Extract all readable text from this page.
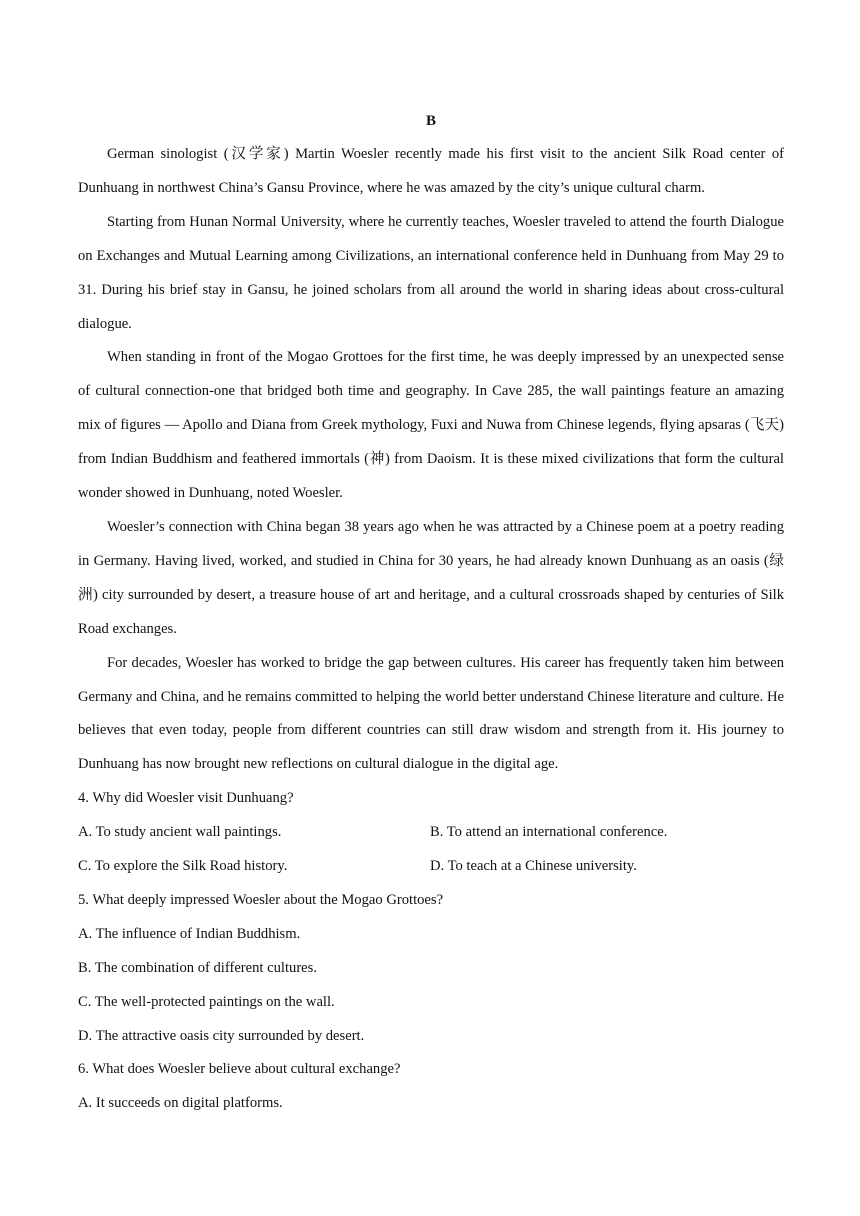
B

German sinologist (汉学家) Martin Woesler recently made his first visit to the ancient Silk Road center of Dunhuang in northwest China’s Gansu Province, where he was amazed by the city’s unique cultural charm.

Starting from Hunan Normal University, where he currently teaches, Woesler traveled to attend the fourth Dialogue on Exchanges and Mutual Learning among Civilizations, an international conference held in Dunhuang from May 29 to 31. During his brief stay in Gansu, he joined scholars from all around the world in sharing ideas about cross-cultural dialogue.

When standing in front of the Mogao Grottoes for the first time, he was deeply impressed by an unexpected sense of cultural connection-one that bridged both time and geography. In Cave 285, the wall paintings feature an amazing mix of figures — Apollo and Diana from Greek mythology, Fuxi and Nuwa from Chinese legends, flying apsaras (飞天) from Indian Buddhism and feathered immortals (神) from Daoism. It is these mixed civilizations that form the cultural wonder showed in Dunhuang, noted Woesler.

Woesler’s connection with China began 38 years ago when he was attracted by a Chinese poem at a poetry reading in Germany. Having lived, worked, and studied in China for 30 years, he had already known Dunhuang as an oasis (绿洲) city surrounded by desert, a treasure house of art and heritage, and a cultural crossroads shaped by centuries of Silk Road exchanges.

For decades, Woesler has worked to bridge the gap between cultures. His career has frequently taken him between Germany and China, and he remains committed to helping the world better understand Chinese literature and culture. He believes that even today, people from different countries can still draw wisdom and strength from it. His journey to Dunhuang has now brought new reflections on cultural dialogue in the digital age.

4. Why did Woesler visit Dunhuang?

A. To study ancient wall paintings.	B. To attend an international conference.
C. To explore the Silk Road history.	D. To teach at a Chinese university.

5. What deeply impressed Woesler about the Mogao Grottoes?

A. The influence of Indian Buddhism.

B. The combination of different cultures.

C. The well-protected paintings on the wall.

D. The attractive oasis city surrounded by desert.

6. What does Woesler believe about cultural exchange?

A. It succeeds on digital platforms.
